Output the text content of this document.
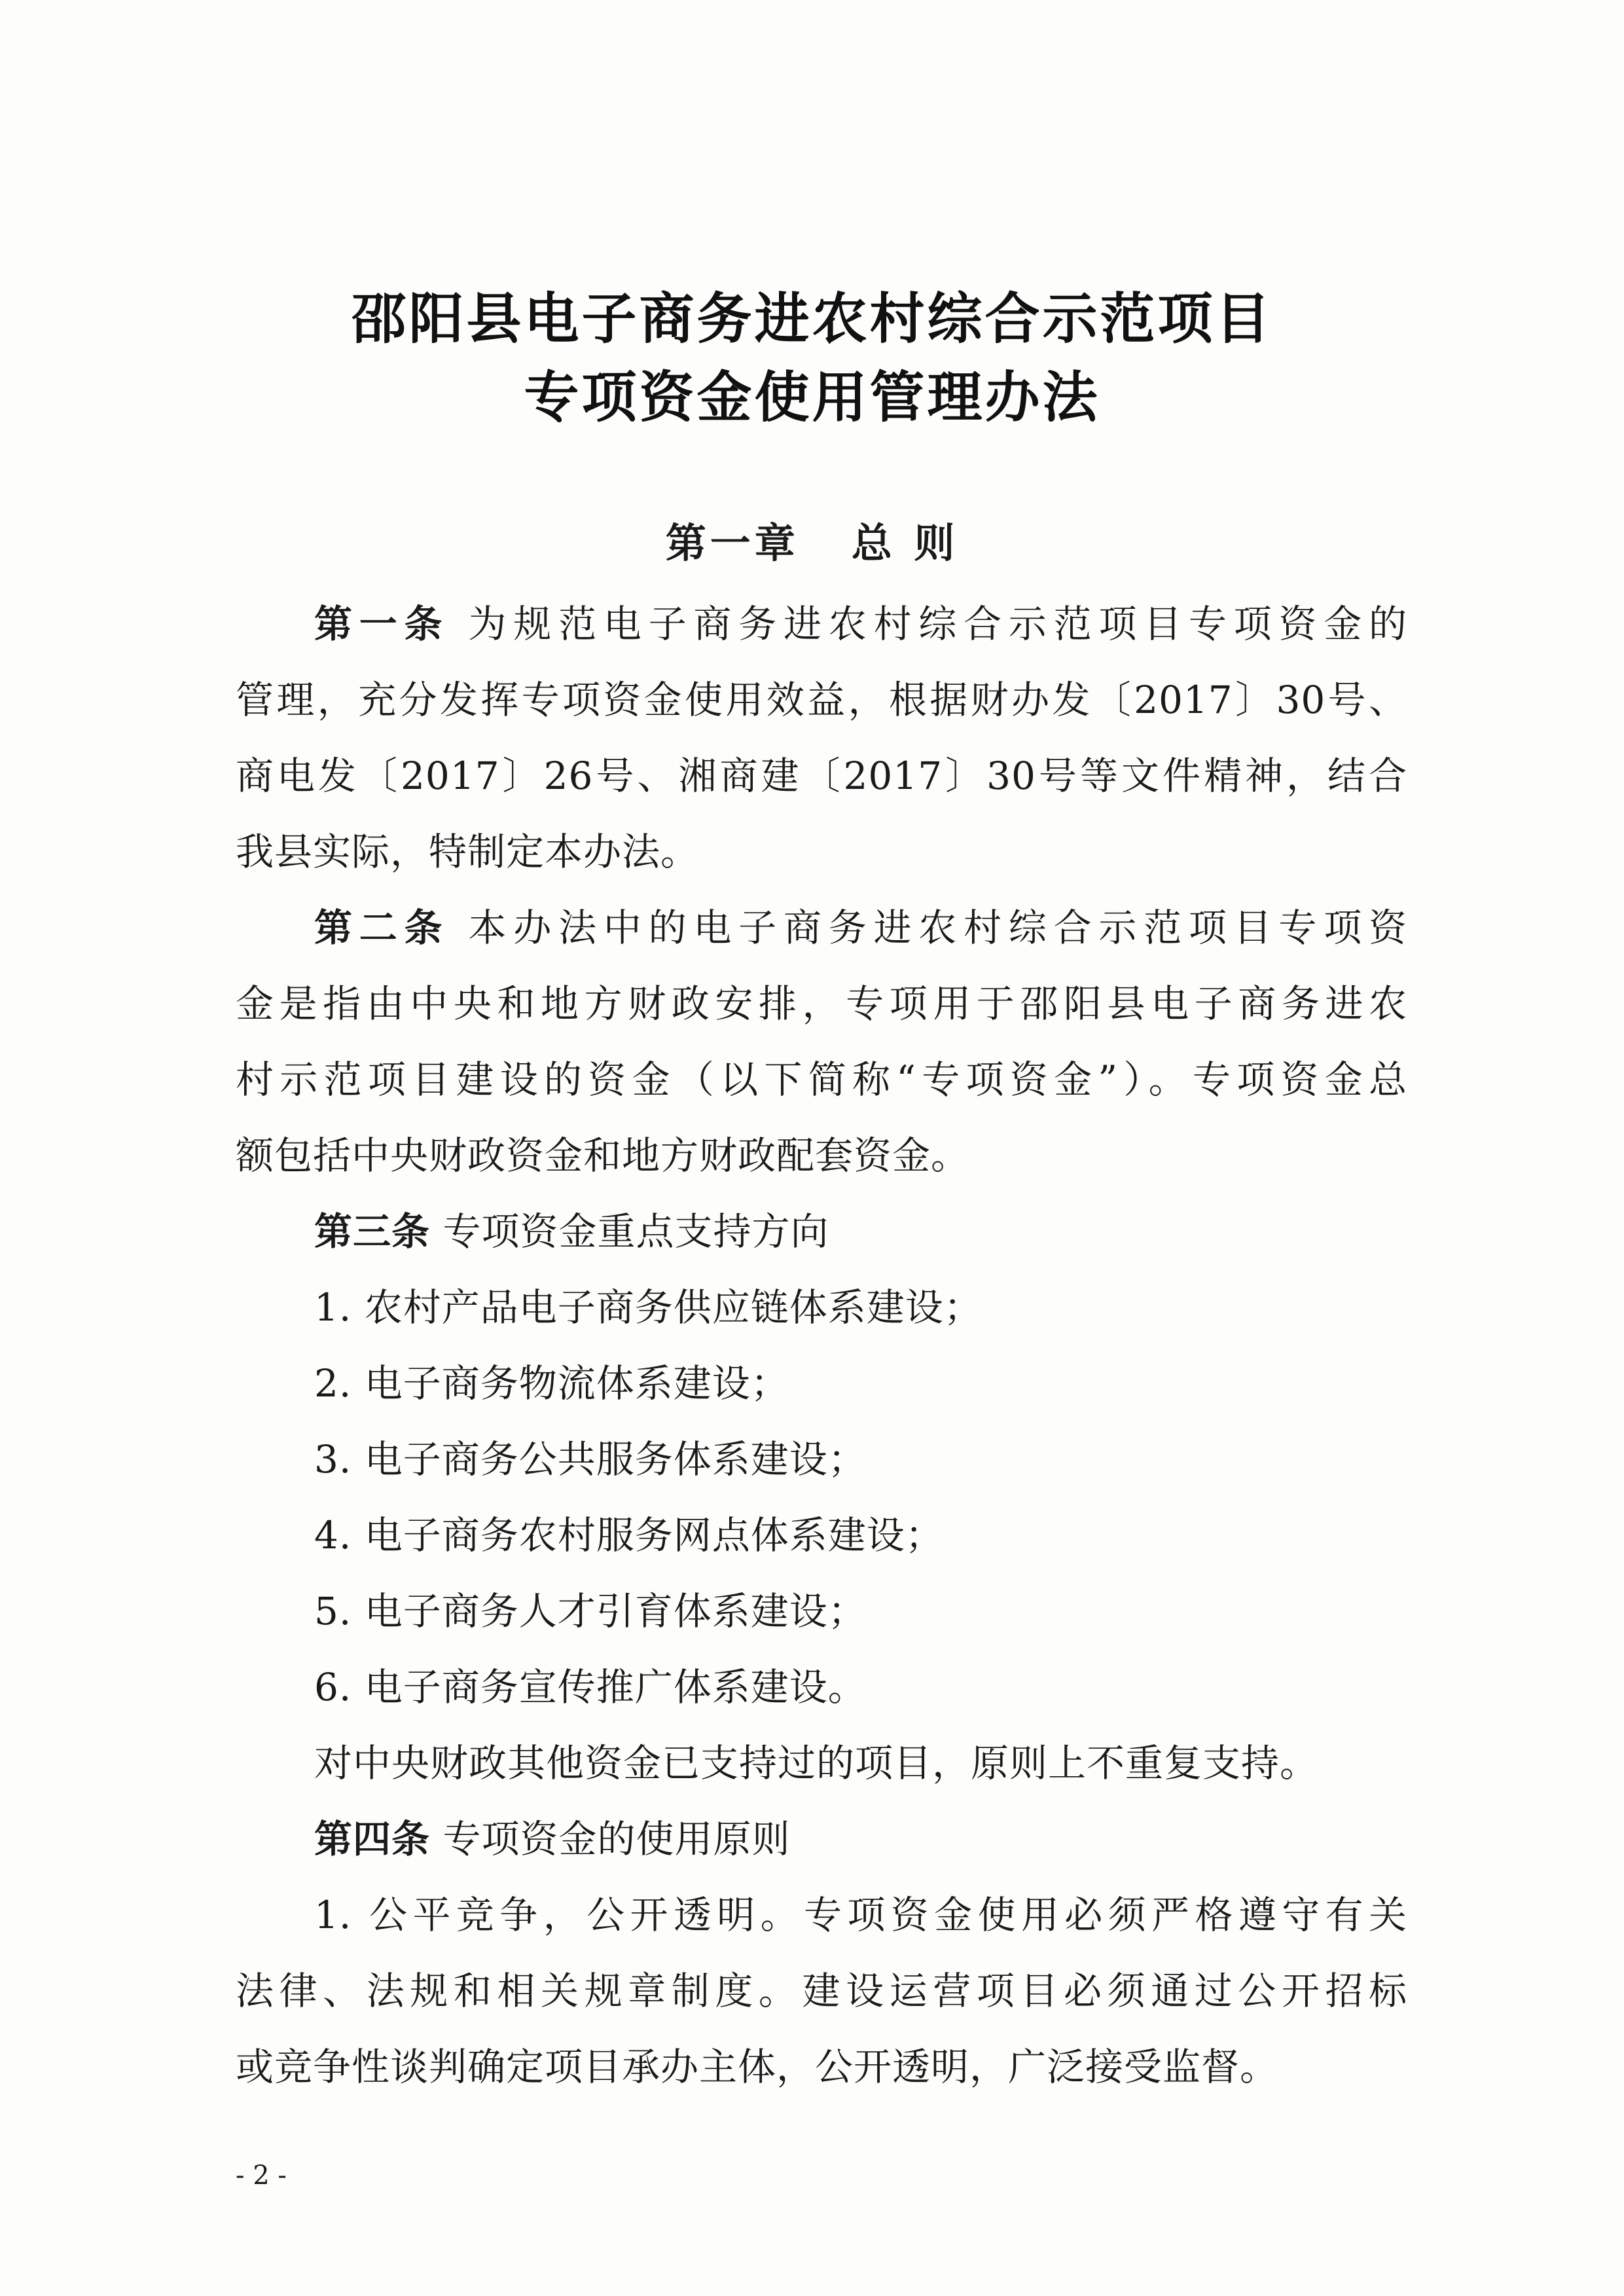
邵阳县电子商务进农村综合示范项目
专项资金使用管理办法
第一章 总 则
第一条 为规范电子商务进农村综合示范项目专项资金的
管理，充分发挥专项资金使用效益，根据财办发〔2017〕30号、
商电发〔2017〕26号、湘商建〔2017〕30号等文件精神，结合
我县实际，特制定本办法。
第二条 本办法中的电子商务进农村综合示范项目专项资
金是指由中央和地方财政安排，专项用于邵阳县电子商务进农
村示范项目建设的资金（以下简称“专项资金”）。专项资金总
额包括中央财政资金和地方财政配套资金。
第三条 专项资金重点支持方向
1. 农村产品电子商务供应链体系建设；
2. 电子商务物流体系建设；
3. 电子商务公共服务体系建设；
4. 电子商务农村服务网点体系建设；
5. 电子商务人才引育体系建设；
6. 电子商务宣传推广体系建设。
对中央财政其他资金已支持过的项目，原则上不重复支持。
第四条 专项资金的使用原则
1. 公平竞争，公开透明。专项资金使用必须严格遵守有关
法律、法规和相关规章制度。建设运营项目必须通过公开招标
或竞争性谈判确定项目承办主体，公开透明，广泛接受监督。
- 2 -
